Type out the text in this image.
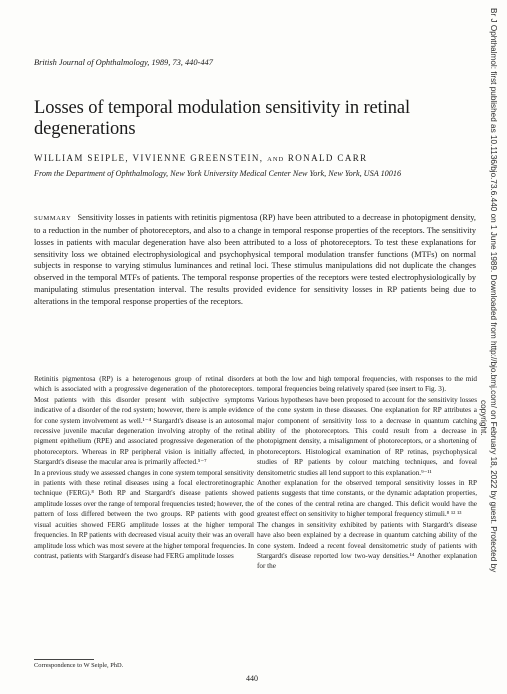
British Journal of Ophthalmology, 1989, 73, 440-447
Losses of temporal modulation sensitivity in retinal degenerations
WILLIAM SEIPLE, VIVIENNE GREENSTEIN, AND RONALD CARR
From the Department of Ophthalmology, New York University Medical Center New York, New York, USA 10016
SUMMARY Sensitivity losses in patients with retinitis pigmentosa (RP) have been attributed to a decrease in photopigment density, to a reduction in the number of photoreceptors, and also to a change in temporal response properties of the receptors. The sensitivity losses in patients with macular degeneration have also been attributed to a loss of photoreceptors. To test these explanations for sensitivity loss we obtained electrophysiological and psychophysical temporal modulation transfer functions (MTFs) on normal subjects in response to varying stimulus luminances and retinal loci. These stimulus manipulations did not duplicate the changes observed in the temporal MTFs of patients. The temporal response properties of the receptors were tested electrophysiologically by manipulating stimulus presentation interval. The results provided evidence for sensitivity losses in RP patients being due to alterations in the temporal response properties of the receptors.
Retinitis pigmentosa (RP) is a heterogenous group of retinal disorders which is associated with a progressive degeneration of the photoreceptors. Most patients with this disorder present with subjective symptoms indicative of a disorder of the rod system; however, there is ample evidence for cone system involvement as well.¹⁻⁴ Stargardt's disease is an autosomal recessive juvenile macular degeneration involving atrophy of the retinal pigment epithelium (RPE) and associated progressive degeneration of the photoreceptors. Whereas in RP peripheral vision is initially affected, in Stargardt's disease the macular area is primarily affected.⁵⁻⁷
In a previous study we assessed changes in cone system temporal sensitivity in patients with these retinal diseases using a focal electroretinographic technique (FERG).⁸ Both RP and Stargardt's disease patients showed amplitude losses over the range of temporal frequencies tested; however, the pattern of loss differed between the two groups. RP patients with good visual acuities showed FERG amplitude losses at the higher temporal frequencies. In RP patients with decreased visual acuity their was an overall amplitude loss which was most severe at the higher temporal frequencies. In contrast, patients with Stargardt's disease had FERG amplitude losses
at both the low and high temporal frequencies, with responses to the mid temporal frequencies being relatively spared (see insert to Fig. 3).
Various hypotheses have been proposed to account for the sensitivity losses of the cone system in these diseases. One explanation for RP attributes a major component of sensitivity loss to a decrease in quantum catching ability of the photoreceptors. This could result from a decrease in photopigment density, a misalignment of photoreceptors, or a shortening of photoreceptors. Histological examination of RP retinas, psychophysical studies of RP patients by colour matching techniques, and foveal densitometric studies all lend support to this explanation.⁹⁻¹¹
Another explanation for the observed temporal sensitivity losses in RP patients suggests that time constants, or the dynamic adaptation properties, of the cones of the central retina are changed. This deficit would have the greatest effect on sensitivity to higher temporal frequency stimuli.⁸ ¹² ¹³
The changes in sensitivity exhibited by patients with Stargardt's disease have also been explained by a decrease in quantum catching ability of the cone system. Indeed a recent foveal densitometric study of patients with Stargardt's disease reported low two-way densities.¹⁴ Another explanation for the
Correspondence to W Seiple, PhD.
440
Br J Ophthalmol: first published as 10.1136/bjo.73.6.440 on 1 June 1989. Downloaded from http://bjo.bmj.com/ on February 18, 2022 by guest. Protected by
copyright.
